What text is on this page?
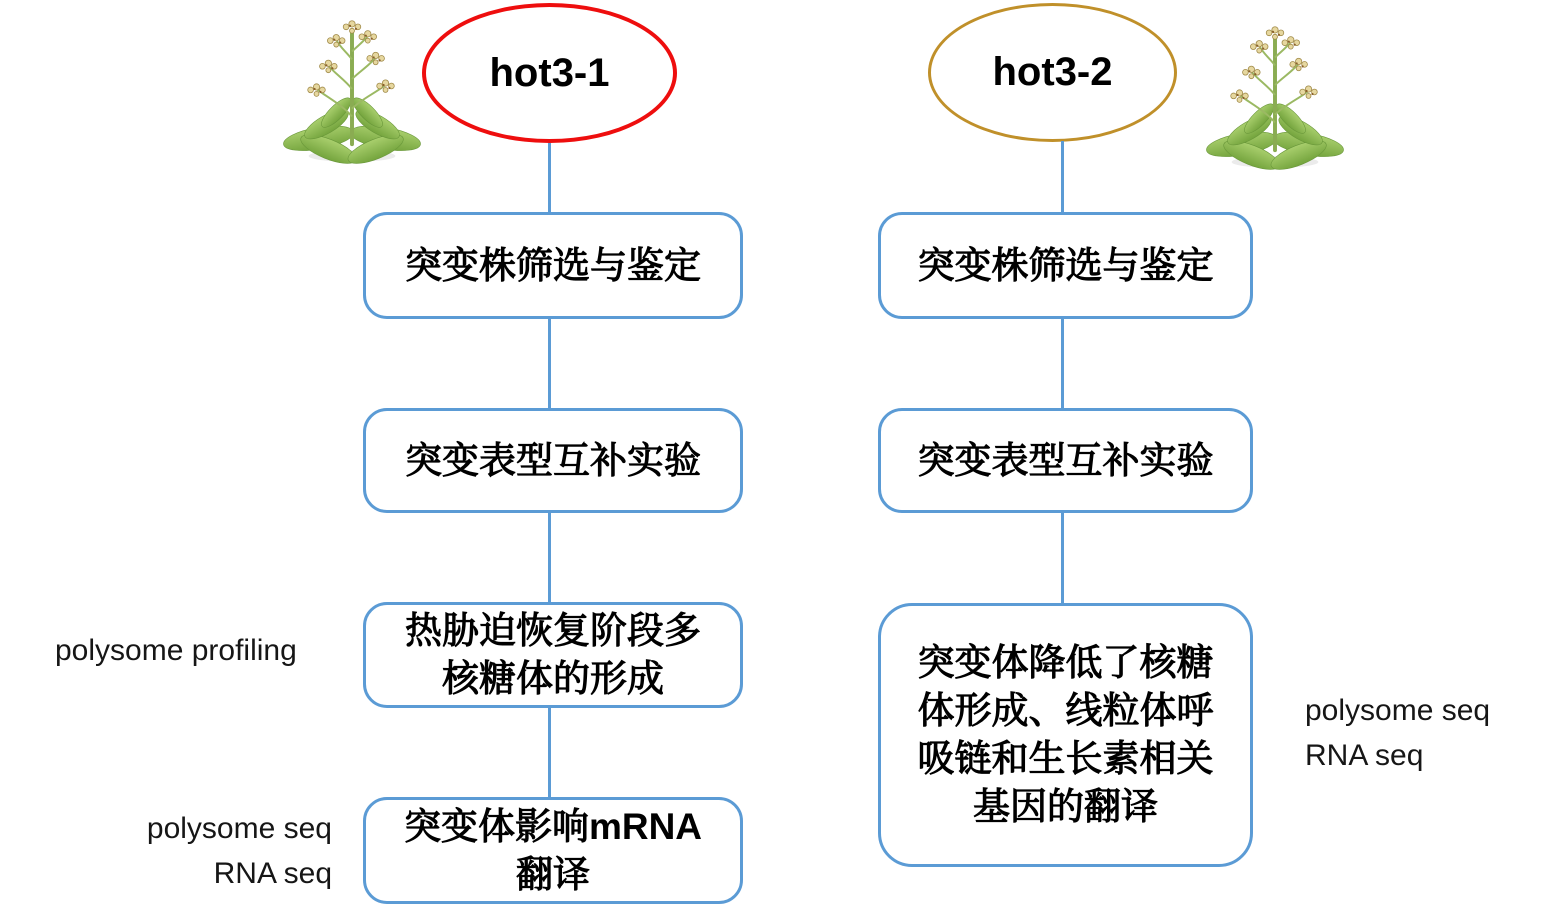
hot3-1	hot3-2
突变株筛选与鉴定
突变表型互补实验
热胁迫恢复阶段多
核糖体的形成
突变体影响mRNA
翻译
突变株筛选与鉴定
突变表型互补实验
突变体降低了核糖
体形成、线粒体呼
吸链和生长素相关
基因的翻译
polysome profiling
polysome seq
RNA seq
polysome seq
RNA seq
